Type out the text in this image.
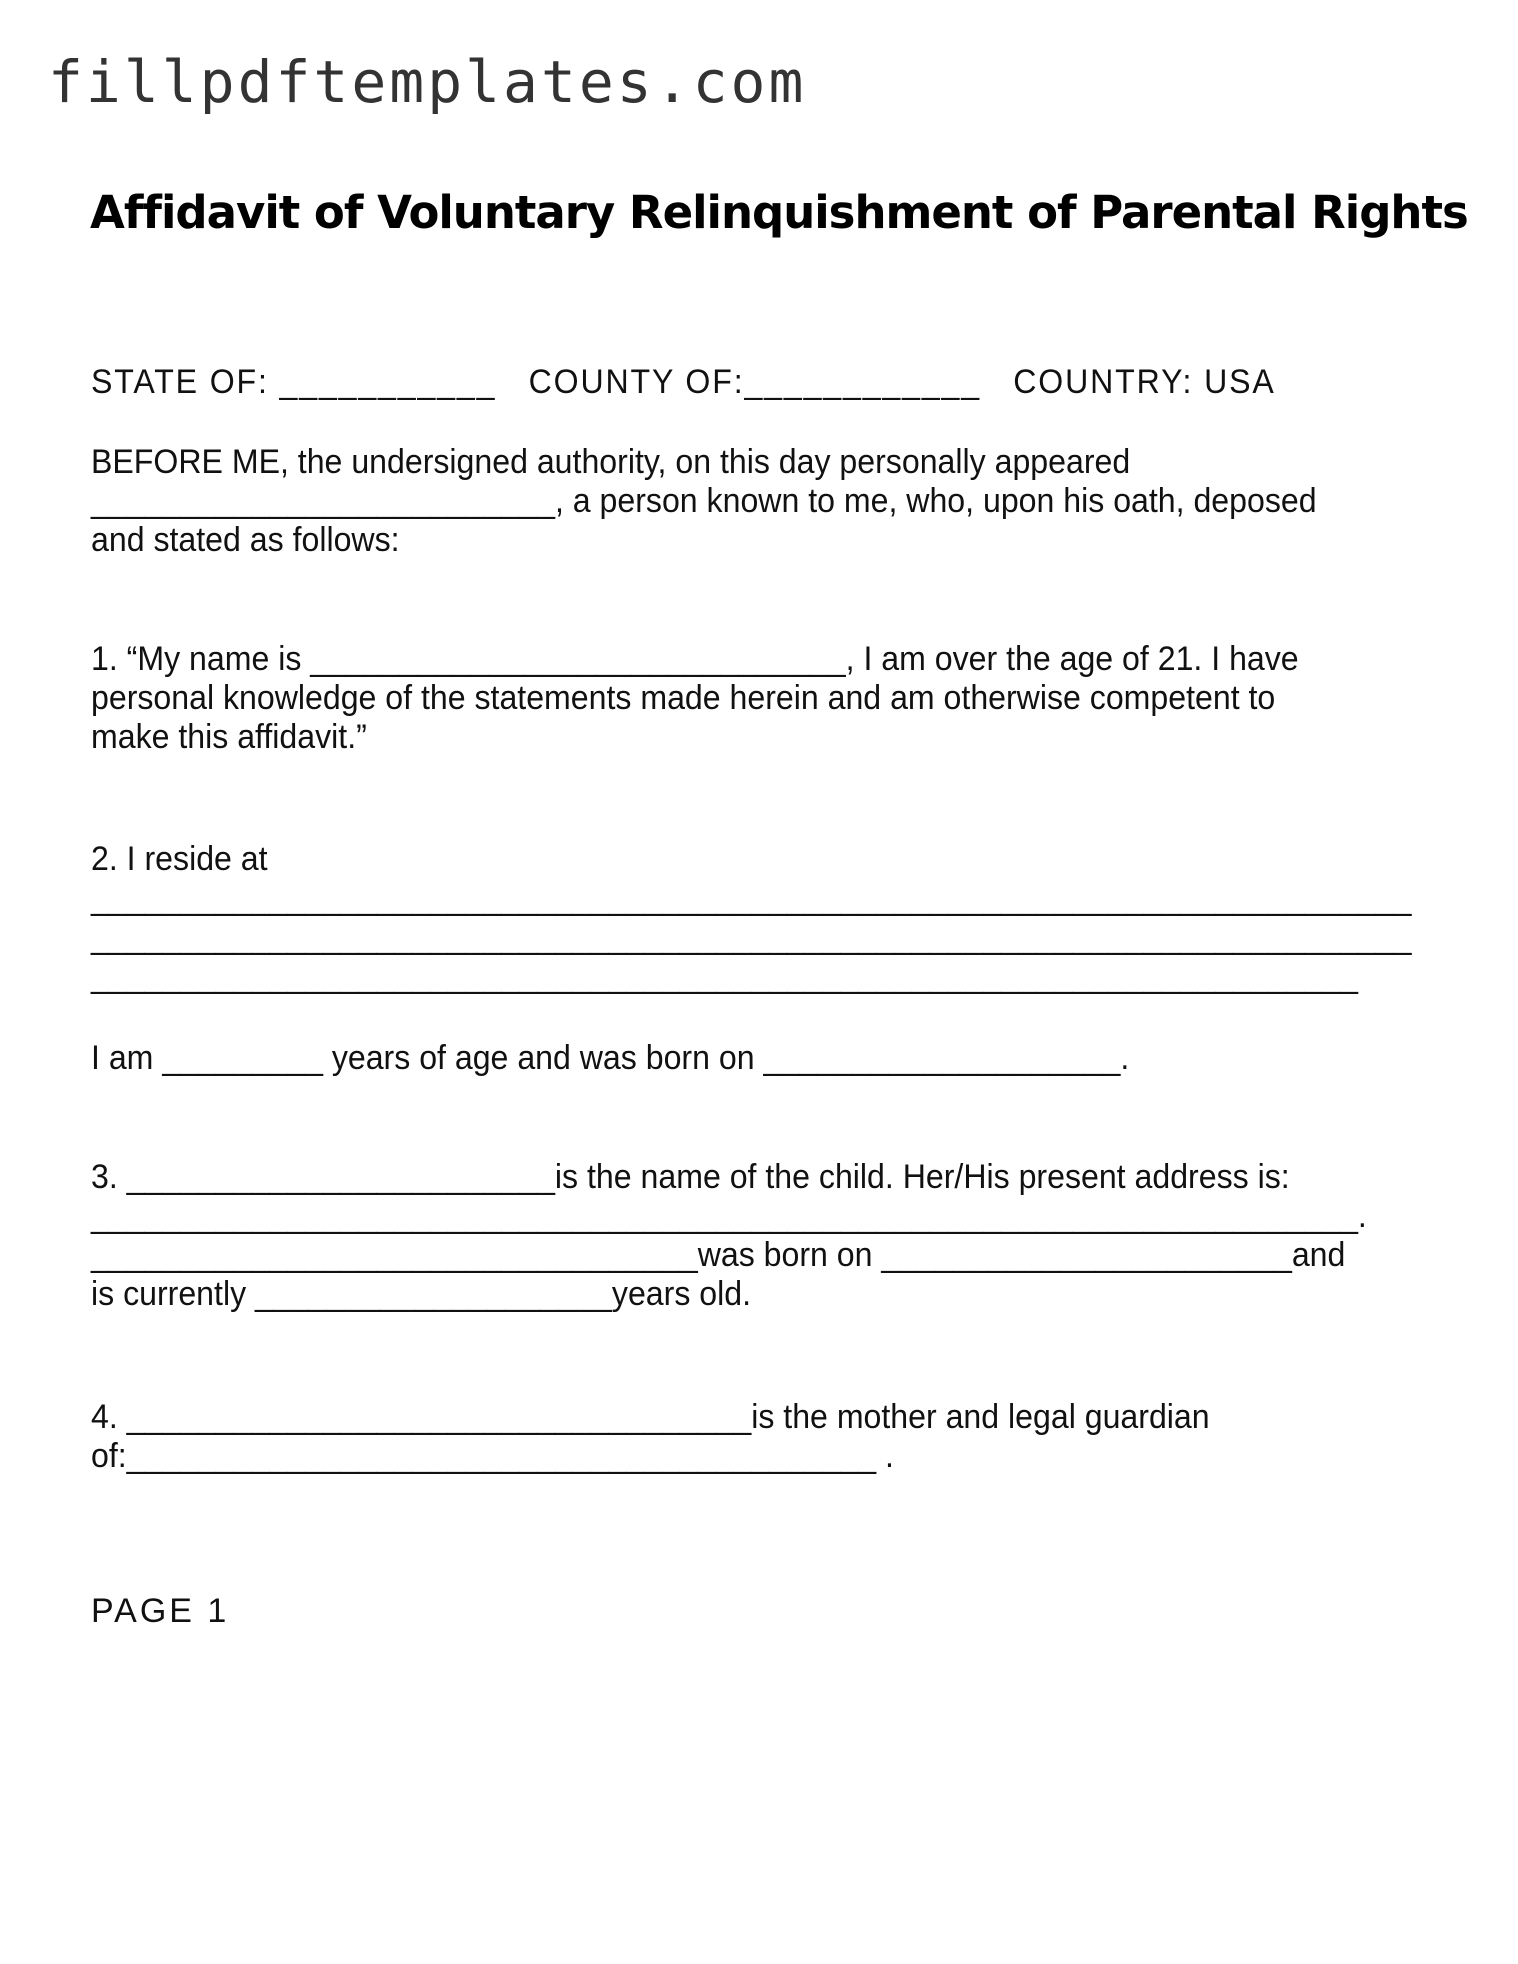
fillpdftemplates.com
Affidavit of Voluntary Relinquishment of Parental Rights
STATE OF: ___________   COUNTY OF:____________   COUNTRY: USA
BEFORE ME, the undersigned authority, on this day personally appeared
__________________________, a person known to me, who, upon his oath, deposed
and stated as follows:
1. “My name is ______________________________, I am over the age of 21. I have
personal knowledge of the statements made herein and am otherwise competent to
make this affidavit.”
2. I reside at
__________________________________________________________________________
__________________________________________________________________________
_______________________________________________________________________
I am _________ years of age and was born on ____________________.
3. ________________________is the name of the child. Her/His present address is:
_______________________________________________________________________.
__________________________________was born on _______________________and
is currently ____________________years old.
4. ___________________________________is the mother and legal guardian
of:__________________________________________ .
PAGE 1
